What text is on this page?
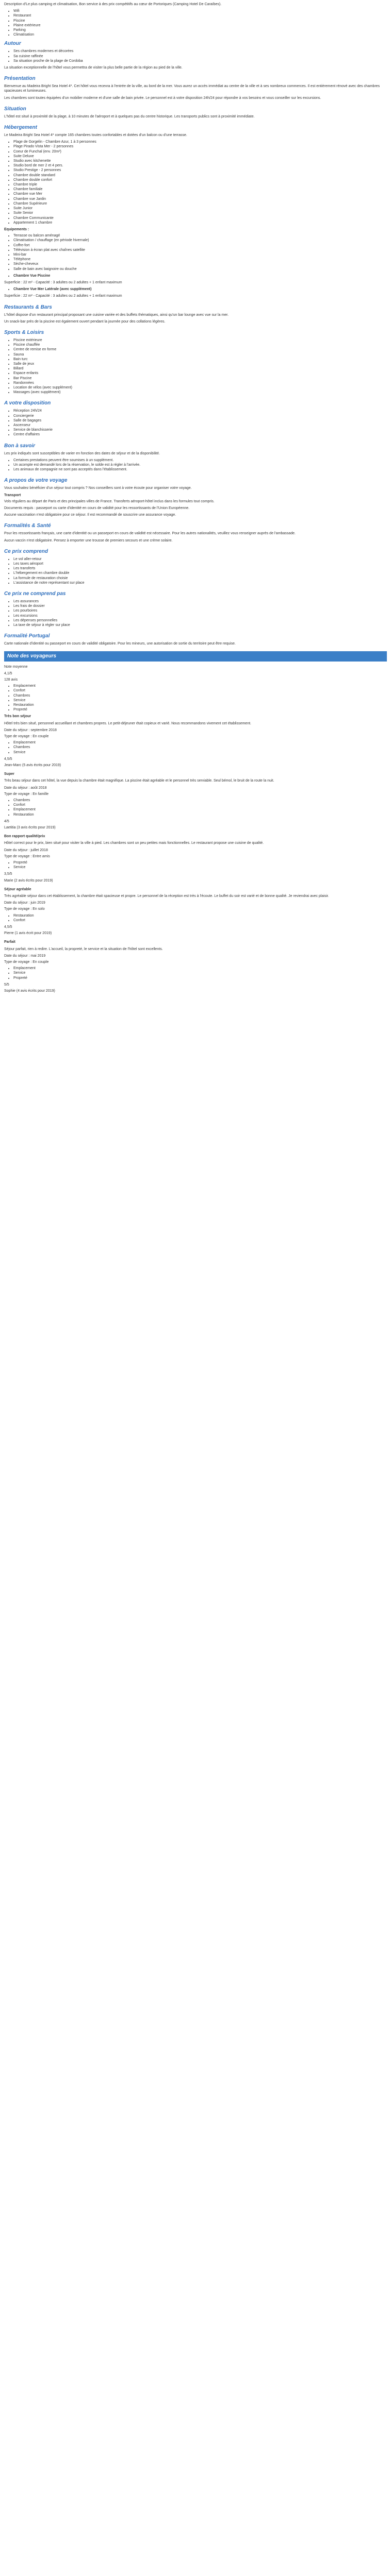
Description d'Le plus camping et climatisation, Bon service à des prix compétitifs au cœur de Portoriques (Camping Hotel De Caraïbes).

• Wifi
• Restaurant
• Piscine
• Plaine extérieure
• Parking
• Climatisation
Autour
• Ses chambres modernes et décorées
• Sa cuisine raffinée
• Sa situation proche de la plage de Cordoba

La situation exceptionnelle de l'hôtel vous permettra de visiter la plus belle partie de la région au pied de la ville.

Présentation

Bienvenue au Madeira Bright Sea Hotel 4*. Cet hôtel vous recevra à l'entrée de la ville, au bord de la mer. Vous aurez un accès immédiat au centre de la ville et à ses nombreux commerces. Il est entièrement rénové avec des chambres spacieuses et lumineuses.

Les chambres sont toutes équipées d'un mobilier moderne et d'une salle de bain privée. Le personnel est à votre disposition 24h/24 pour répondre à vos besoins et vous conseiller sur les excursions.

Situation

L'hôtel est situé à proximité de la plage, à 10 minutes de l'aéroport et à quelques pas du centre historique. Les transports publics sont à proximité immédiate.

Hébergement

Le Madeira Bright Sea Hotel 4* compte 165 chambres toutes confortables et dotées d'un balcon ou d'une terrasse.

• Plage de Gorgelin - Chambre Azur, 1 à 3 personnes
• Plage Pirado Vista Mer - 2 personnes
• Coeur de Funchal (env. 20m²)
• Suite Deluxe
• Studio avec kitchenette
• Studio bord de mer 2 et 4 pers.
• Studio Prestige - 2 personnes
• Chambre double standard
• Chambre double confort
• Chambre triple
• Chambre familiale
• Chambre vue Mer
• Chambre vue Jardin
• Chambre Supérieure
• Suite Junior
• Suite Senior
• Chambre Communicante
• Appartement 1 chambre

Equipements :

• Terrasse ou balcon aménagé
• Climatisation / chauffage (en période hivernale)
• Coffre-fort
• Télévision à écran plat avec chaînes satellite
• Mini-bar
• Téléphone
• Sèche-cheveux
• Salle de bain avec baignoire ou douche
• Chambre Vue Piscine

Superficie : 22 m² - Capacité : 3 adultes ou 2 adultes + 1 enfant maximum

• Chambre Vue Mer Latérale (avec supplément)

Superficie : 22 m² - Capacité : 3 adultes ou 2 adultes + 1 enfant maximum

Restaurants & Bars

L'hôtel dispose d'un restaurant principal proposant une cuisine variée et des buffets thématiques, ainsi qu'un bar lounge avec vue sur la mer.

Un snack-bar près de la piscine est également ouvert pendant la journée pour des collations légères.

Sports & Loisirs
• Piscine extérieure
• Piscine chauffée
• Centre de remise en forme
• Sauna
• Bain turc
• Salle de jeux
• Billard
• Espace enfants
• Bar Piscine
• Randonnées
• Location de vélos (avec supplément)
• Massages (avec supplément)
A votre disposition
• Réception 24h/24
• Conciergerie
• Salle de bagages
• Ascenseur
• Service de blanchisserie
• Centre d'affaires
Bon à savoir

Les prix indiqués sont susceptibles de varier en fonction des dates de séjour et de la disponibilité.

• Certaines prestations peuvent être soumises à un supplément.
• Un acompte est demandé lors de la réservation, le solde est à régler à l'arrivée.
• Les animaux de compagnie ne sont pas acceptés dans l'établissement.
A propos de votre voyage

Vous souhaitez bénéficier d'un séjour tout compris ? Nos conseillers sont à votre écoute pour organiser votre voyage.

Transport

Vols réguliers au départ de Paris et des principales villes de France. Transferts aéroport-hôtel inclus dans les formules tout compris.

Documents requis : passeport ou carte d'identité en cours de validité pour les ressortissants de l'Union Européenne.

Aucune vaccination n'est obligatoire pour ce séjour. Il est recommandé de souscrire une assurance voyage.

Formalités & Santé

Pour les ressortissants français, une carte d'identité ou un passeport en cours de validité est nécessaire. Pour les autres nationalités, veuillez vous renseigner auprès de l'ambassade.

Aucun vaccin n'est obligatoire. Pensez à emporter une trousse de premiers secours et une crème solaire.

Ce prix comprend
• Le vol aller-retour
• Les taxes aéroport
• Les transferts
• L'hébergement en chambre double
• La formule de restauration choisie
• L'assistance de notre représentant sur place
Ce prix ne comprend pas
• Les assurances
• Les frais de dossier
• Les pourboires
• Les excursions
• Les dépenses personnelles
• La taxe de séjour à régler sur place
Formalité Portugal

Carte nationale d'identité ou passeport en cours de validité obligatoire. Pour les mineurs, une autorisation de sortie du territoire peut être requise.

Note des voyageurs

Note moyenne

4,1/5

128 avis

• Emplacement
• Confort
• Chambres
• Service
• Restauration
• Propreté

Très bon séjour

Hôtel très bien situé, personnel accueillant et chambres propres. Le petit-déjeuner était copieux et varié. Nous recommandons vivement cet établissement.

Date du séjour : septembre 2018

Type de voyage : En couple

• Emplacement
• Chambres
• Service

4,5/5

Jean-Marc (5 avis écrits pour 2019)

Super

Très beau séjour dans cet hôtel, la vue depuis la chambre était magnifique. La piscine était agréable et le personnel très serviable. Seul bémol, le bruit de la route la nuit.

Date du séjour : août 2018

Type de voyage : En famille

• Chambres
• Confort
• Emplacement
• Restauration

4/5

Laetitia (3 avis écrits pour 2019)

Bon rapport qualité/prix

Hôtel correct pour le prix, bien situé pour visiter la ville à pied. Les chambres sont un peu petites mais fonctionnelles. Le restaurant propose une cuisine de qualité.

Date du séjour : juillet 2018

Type de voyage : Entre amis

• Propreté
• Service

3,5/5

Marie (2 avis écrits pour 2019)

Séjour agréable

Très agréable séjour dans cet établissement, la chambre était spacieuse et propre. Le personnel de la réception est très à l'écoute. Le buffet du soir est varié et de bonne qualité. Je reviendrai avec plaisir.

Date du séjour : juin 2019

Type de voyage : En solo

• Restauration
• Confort

4,5/5

Pierre (1 avis écrit pour 2019)

Parfait

Séjour parfait, rien à redire. L'accueil, la propreté, le service et la situation de l'hôtel sont excellents.

Date du séjour : mai 2019

Type de voyage : En couple

• Emplacement
• Service
• Propreté

5/5

Sophie (4 avis écrits pour 2019)
